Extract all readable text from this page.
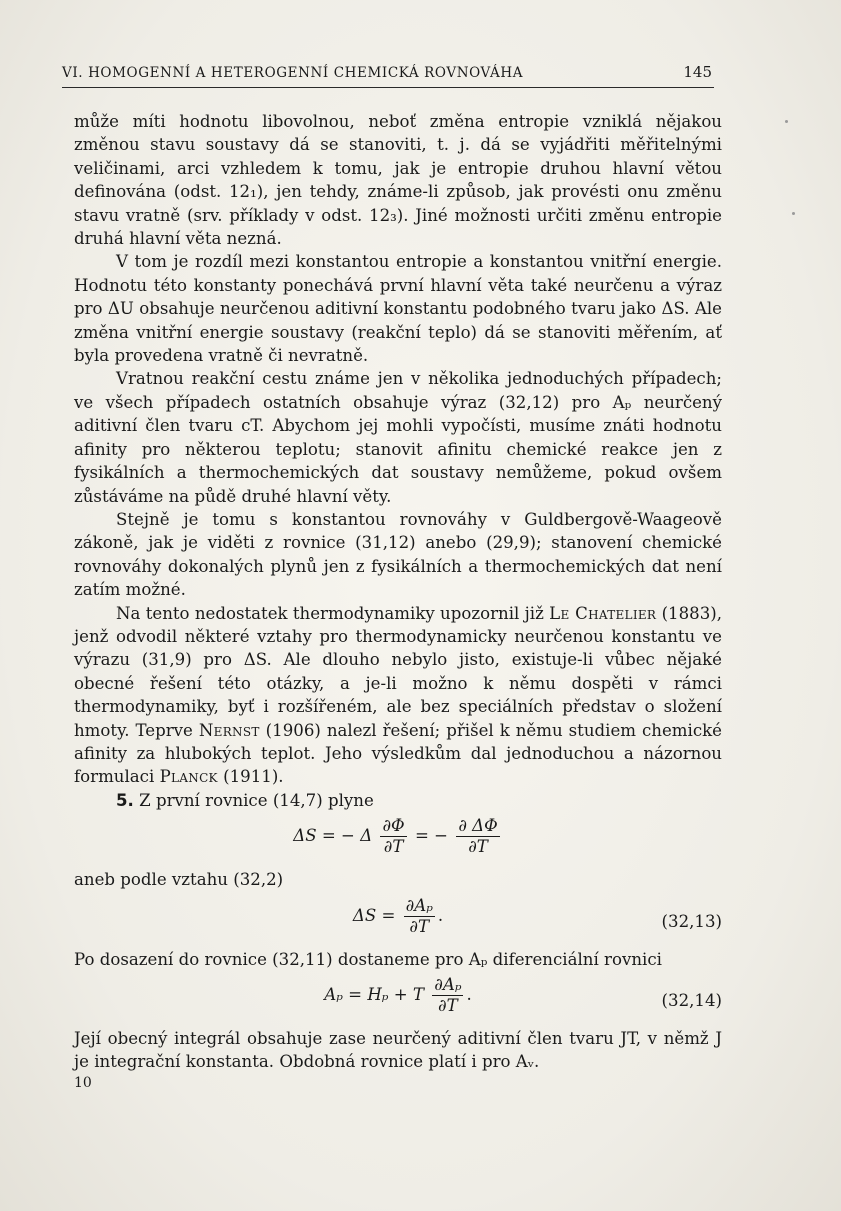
VI. HOMOGENNÍ A HETEROGENNÍ CHEMICKÁ ROVNOVÁHA	145

může míti hodnotu libovolnou, neboť změna entropie vzniklá nějakou změnou stavu soustavy dá se stanoviti, t. j. dá se vyjádřiti měřitelnými veličinami, arci vzhledem k tomu, jak je entropie druhou hlavní větou definována (odst. 12₁), jen tehdy, známe-li způsob, jak provésti onu změnu stavu vratně (srv. příklady v odst. 12₃). Jiné možnosti určiti změnu entropie druhá hlavní věta nezná.

V tom je rozdíl mezi konstantou entropie a konstantou vnitřní energie. Hodnotu této konstanty ponechává první hlavní věta také neurčenu a výraz pro ΔU obsahuje neurčenou aditivní konstantu podobného tvaru jako ΔS. Ale změna vnitřní energie soustavy (reakční teplo) dá se stanoviti měřením, ať byla provedena vratně či nevratně.

Vratnou reakční cestu známe jen v několika jednoduchých případech; ve všech případech ostatních obsahuje výraz (32,12) pro Aₚ neurčený aditivní člen tvaru cT. Abychom jej mohli vypočísti, musíme znáti hodnotu afinity pro některou teplotu; stanovit afinitu chemické reakce jen z fysikálních a thermochemických dat soustavy nemůžeme, pokud ovšem zůstáváme na půdě druhé hlavní věty.

Stejně je tomu s konstantou rovnováhy v Guldbergově-Waageově zákoně, jak je viděti z rovnice (31,12) anebo (29,9); stanovení chemické rovnováhy dokonalých plynů jen z fysikálních a thermochemických dat není zatím možné.

Na tento nedostatek thermodynamiky upozornil již Le Chatelier (1883), jenž odvodil některé vztahy pro thermodynamicky neurčenou konstantu ve výrazu (31,9) pro ΔS. Ale dlouho nebylo jisto, existuje-li vůbec nějaké obecné řešení této otázky, a je-li možno k němu dospěti v rámci thermodynamiky, byť i rozšířeném, ale bez speciálních představ o složení hmoty. Teprve Nernst (1906) nalezl řešení; přišel k němu studiem chemické afinity za hlubokých teplot. Jeho výsledkům dal jednoduchou a názornou formulaci Planck (1911).

5. Z první rovnice (14,7) plyne

ΔS = − Δ $\frac{\partial\Phi}{\partial T}$ = − $\frac{\partial \Delta\Phi}{\partial T}$

aneb podle vztahu (32,2)

$\Delta S = \frac{\text{∂Aₚ}}{\partial T}$ .	(32,13)

Po dosazení do rovnice (32,11) dostaneme pro Aₚ diferenciální rovnici

Aₚ = Hₚ + T $\frac{\text{∂Aₚ}}{\partial T}$ .	(32,14)

Její obecný integrál obsahuje zase neurčený aditivní člen tvaru JT, v němž J je integrační konstanta. Obdobná rovnice platí i pro Aᵥ.

10
